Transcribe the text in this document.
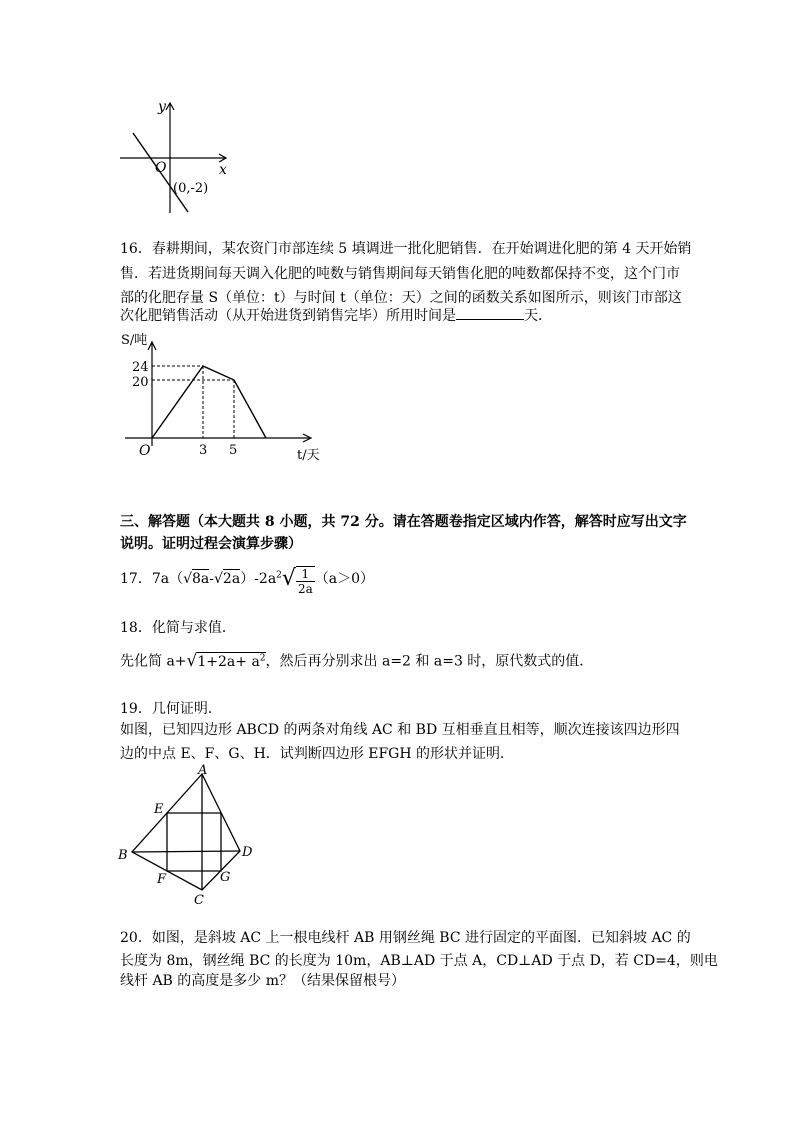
y
x
O
(0,-2)
16．春耕期间，某农资门市部连续 5 填调进一批化肥销售．在开始调进化肥的第 4 天开始销
售．若进货期间每天调入化肥的吨数与销售期间每天销售化肥的吨数都保持不变，这个门市
部的化肥存量 S（单位：t）与时间 t（单位：天）之间的函数关系如图所示，则该门市部这
次化肥销售活动（从开始进货到销售完毕）所用时间是	天．
S/吨
t/天
O
24
20
3 5
三、解答题（本大题共 8 小题，共 72 分。请在答题卷指定区域内作答，解答时应写出文字
说明。证明过程会演算步骤）
17．$7a(√8a-√2a)-2a^2√ \frac{1}{2a} (a>0)$
18．化简与求值．
先化简 $a+√1+2a+ a^2$，然后再分别求出 a=2 和 a=3 时，原代数式的值．
19．几何证明．
如图，已知四边形 ABCD 的两条对角线 AC 和 BD 互相垂直且相等，顺次连接该四边形四
边的中点 E、F、G、H．试判断四边形 EFGH 的形状并证明．
A
B
C
D
E
F	G
20．如图，是斜坡 AC 上一根电线杆 AB 用钢丝绳 BC 进行固定的平面图．已知斜坡 AC 的
长度为 8m，钢丝绳 BC 的长度为 10m，AB⊥AD 于点 A，CD⊥AD 于点 D，若 CD=4，则电
线杆 AB 的高度是多少 m？（结果保留根号）
